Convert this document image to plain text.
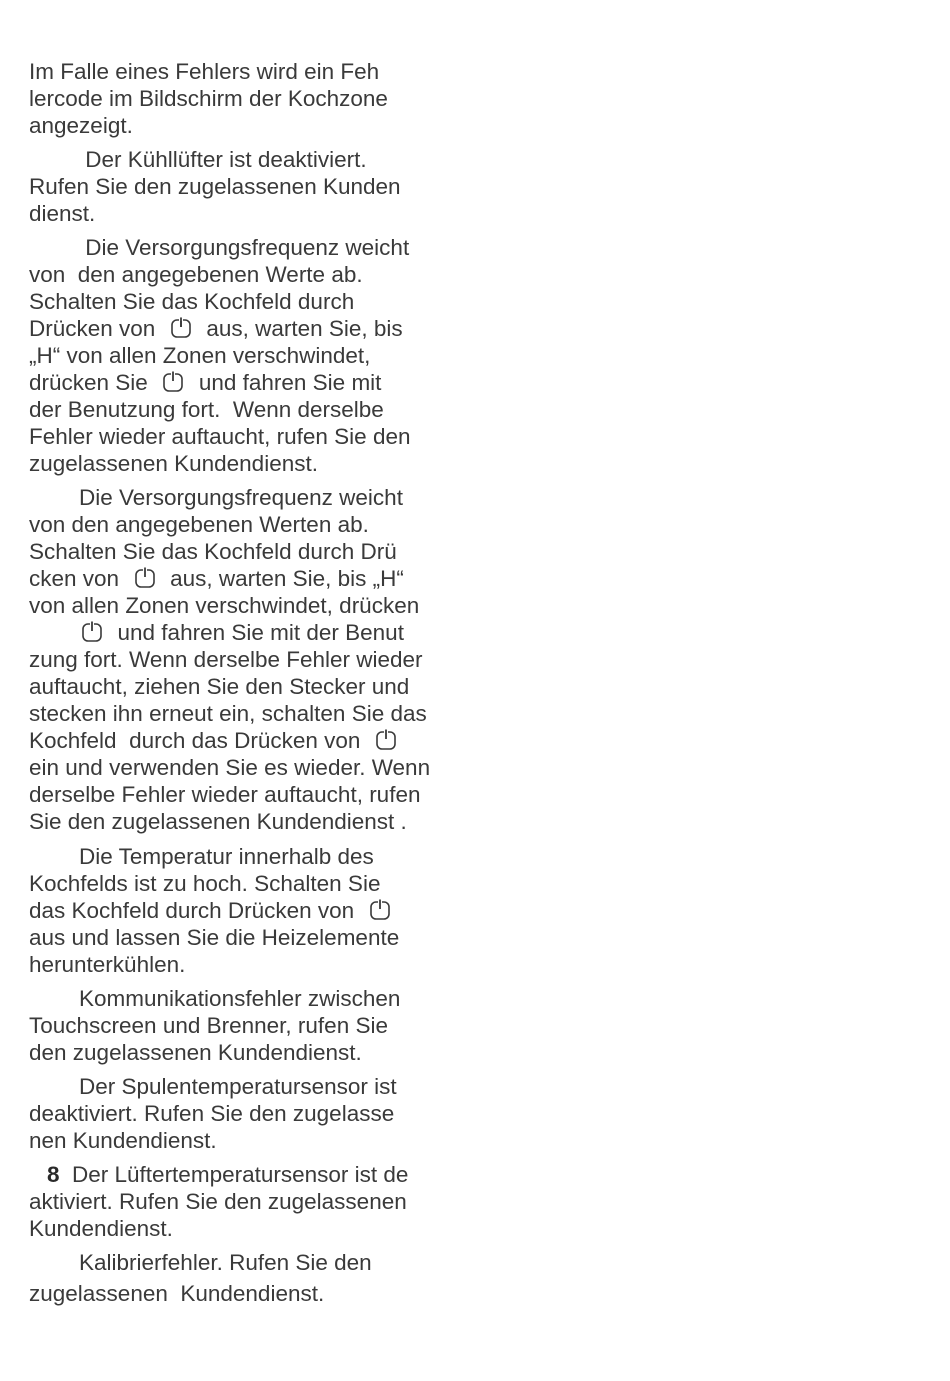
Im Falle eines Fehlers wird ein Feh
lercode im Bildschirm der Kochzone
angezeigt.
Der Kühllüfter ist deaktiviert.
Rufen Sie den zugelassenen Kunden
dienst.
Die Versorgungsfrequenz weicht
von  den angegebenen Werte ab.
Schalten Sie das Kochfeld durch
Drücken von
aus, warten Sie, bis
„H“ von allen Zonen verschwindet,
drücken Sie
und fahren Sie mit
der Benutzung fort.  Wenn derselbe
Fehler wieder auftaucht, rufen Sie den
zugelassenen Kundendienst.
Die Versorgungsfrequenz weicht
von den angegebenen Werten ab.
Schalten Sie das Kochfeld durch Drü
cken von
aus, warten Sie, bis „H“
von allen Zonen verschwindet, drücken

und fahren Sie mit der Benut
zung fort. Wenn derselbe Fehler wieder
auftaucht, ziehen Sie den Stecker und
stecken ihn erneut ein, schalten Sie das
Kochfeld  durch das Drücken von
ein und verwenden Sie es wieder. Wenn
derselbe Fehler wieder auftaucht, rufen
Sie den zugelassenen Kundendienst .
Die Temperatur innerhalb des
Kochfelds ist zu hoch. Schalten Sie
das Kochfeld durch Drücken von
aus und lassen Sie die Heizelemente
herunterkühlen.
Kommunikationsfehler zwischen
Touchscreen und Brenner, rufen Sie
den zugelassenen Kundendienst.
Der Spulentemperatursensor ist
deaktiviert. Rufen Sie den zugelasse
nen Kundendienst.
8  Der Lüftertemperatursensor ist de
aktiviert. Rufen Sie den zugelassenen
Kundendienst.
Kalibrierfehler. Rufen Sie den
zugelassenen  Kundendienst.
